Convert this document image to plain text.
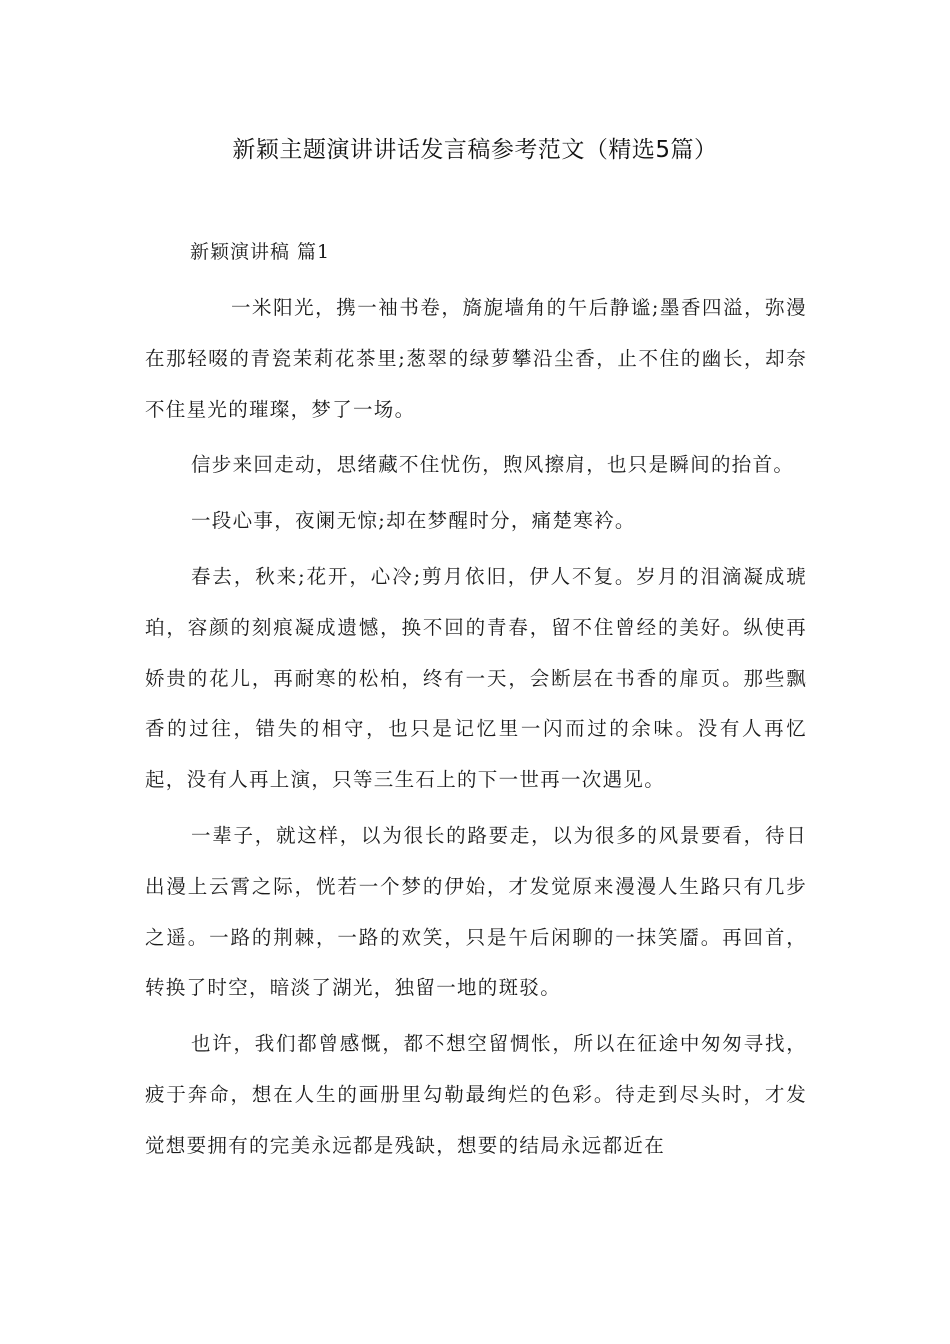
新颖主题演讲讲话发言稿参考范文（精选5篇）
新颖演讲稿 篇1

一米阳光，携一袖书卷，旖旎墙角的午后静谧;墨香四溢，弥漫在那轻啜的青瓷茉莉花茶里;葱翠的绿萝攀沿尘香，止不住的幽长，却奈不住星光的璀璨，梦了一场。

信步来回走动，思绪藏不住忧伤，煦风擦肩，也只是瞬间的抬首。

一段心事，夜阑无惊;却在梦醒时分，痛楚寒衿。

春去，秋来;花开，心冷;剪月依旧，伊人不复。岁月的泪滴凝成琥珀，容颜的刻痕凝成遗憾，换不回的青春，留不住曾经的美好。纵使再娇贵的花儿，再耐寒的松柏，终有一天，会断层在书香的扉页。那些飘香的过往，错失的相守，也只是记忆里一闪而过的余味。没有人再忆起，没有人再上演，只等三生石上的下一世再一次遇见。

一辈子，就这样，以为很长的路要走，以为很多的风景要看，待日出漫上云霄之际，恍若一个梦的伊始，才发觉原来漫漫人生路只有几步之遥。一路的荆棘，一路的欢笑，只是午后闲聊的一抹笑靥。再回首，转换了时空，暗淡了湖光，独留一地的斑驳。

也许，我们都曾感慨，都不想空留惆怅，所以在征途中匆匆寻找，疲于奔命，想在人生的画册里勾勒最绚烂的色彩。待走到尽头时，才发觉想要拥有的完美永远都是残缺，想要的结局永远都近在
